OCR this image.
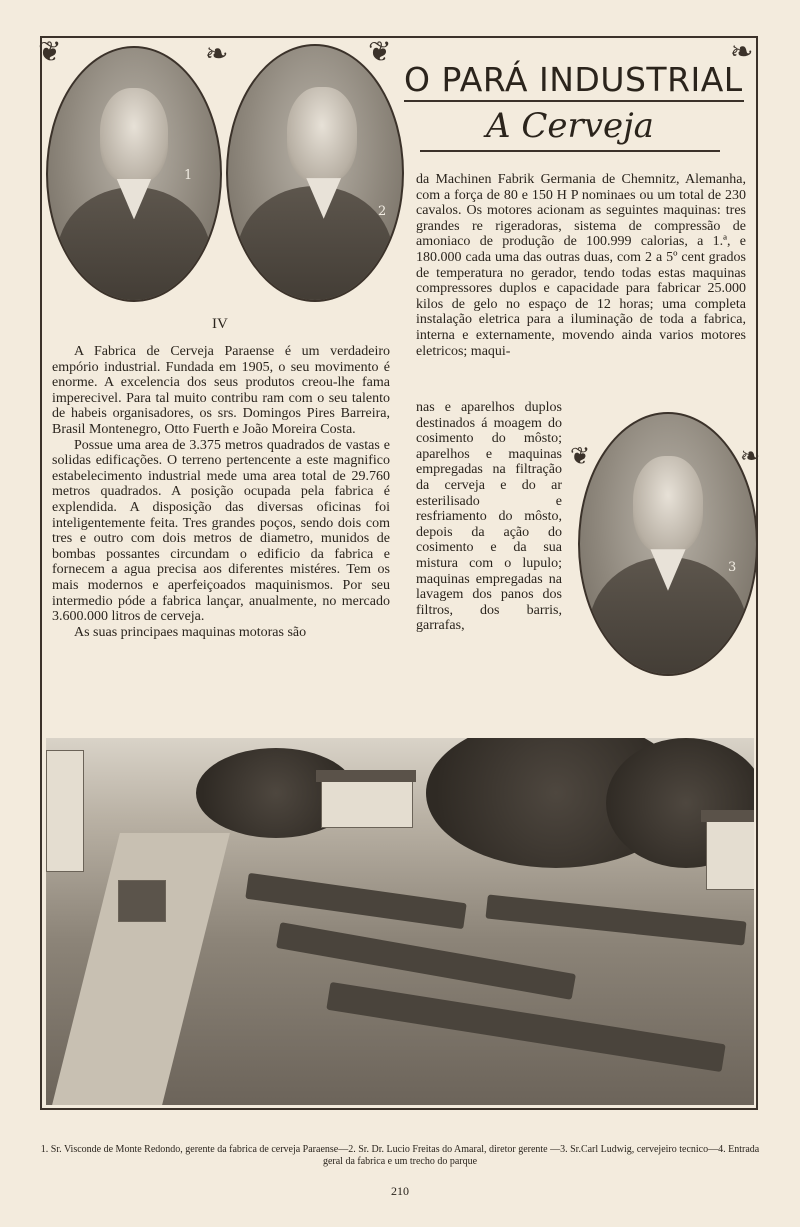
❦	❧	❦	❧
❦	❧
1
2
3
O PARÁ INDUSTRIAL
A Cerveja
IV

A Fabrica de Cerveja Paraense é um verdadeiro empório industrial. Fundada em 1905, o seu movimento é enorme. A excelencia dos seus produtos creou-lhe fama imperecivel. Para tal muito contribu ram com o seu talento de habeis organisadores, os srs. Domingos Pires Barreira, Brasil Montenegro, Otto Fuerth e João Moreira Costa.

Possue uma area de 3.375 metros quadrados de vastas e solidas edificações. O terreno pertencente a este magnifico estabelecimento industrial mede uma area total de 29.760 metros quadrados. A posição ocupada pela fabrica é explendida. A disposição das diversas oficinas foi inteligentemente feita. Tres grandes poços, sendo dois com tres e outro com dois metros de diametro, munidos de bombas possantes circundam o edificio da fabrica e fornecem a agua precisa aos diferentes mistéres. Tem os mais modernos e aperfeiçoados maquinismos. Por seu intermedio póde a fabrica lançar, anualmente, no mercado 3.600.000 litros de cerveja.

As suas principaes maquinas motoras são

da Machinen Fabrik Germania de Chemnitz, Alemanha, com a força de 80 e 150 H P nominaes ou um total de 230 cavalos. Os motores acionam as seguintes maquinas: tres grandes re rigeradoras, sistema de compressão de amoniaco de produção de 100.999 calorias, a 1.ª, e 180.000 cada uma das outras duas, com 2 a 5º cent grados de temperatura no gerador, tendo todas estas maquinas compressores duplos e capacidade para fabricar 25.000 kilos de gelo no espaço de 12 horas; uma completa instalação eletrica para a iluminação de toda a fabrica, interna e externamente, movendo ainda varios motores eletricos; maqui-

nas e aparelhos duplos destinados á moagem do cosimento do môsto; aparelhos e maquinas empregadas na filtração da cerveja e do ar esterilisado e resfriamento do môsto, depois da ação do cosimento e da sua mistura com o lupulo; maquinas empregadas na lavagem dos panos dos filtros, dos barris, garrafas,

1. Sr. Visconde de Monte Redondo, gerente da fabrica de cerveja Paraense—2. Sr. Dr. Lucio Freitas do Amaral, diretor gerente —3. Sr.Carl Ludwig, cervejeiro tecnico—4. Entrada geral da fabrica e um trecho do parque
210
